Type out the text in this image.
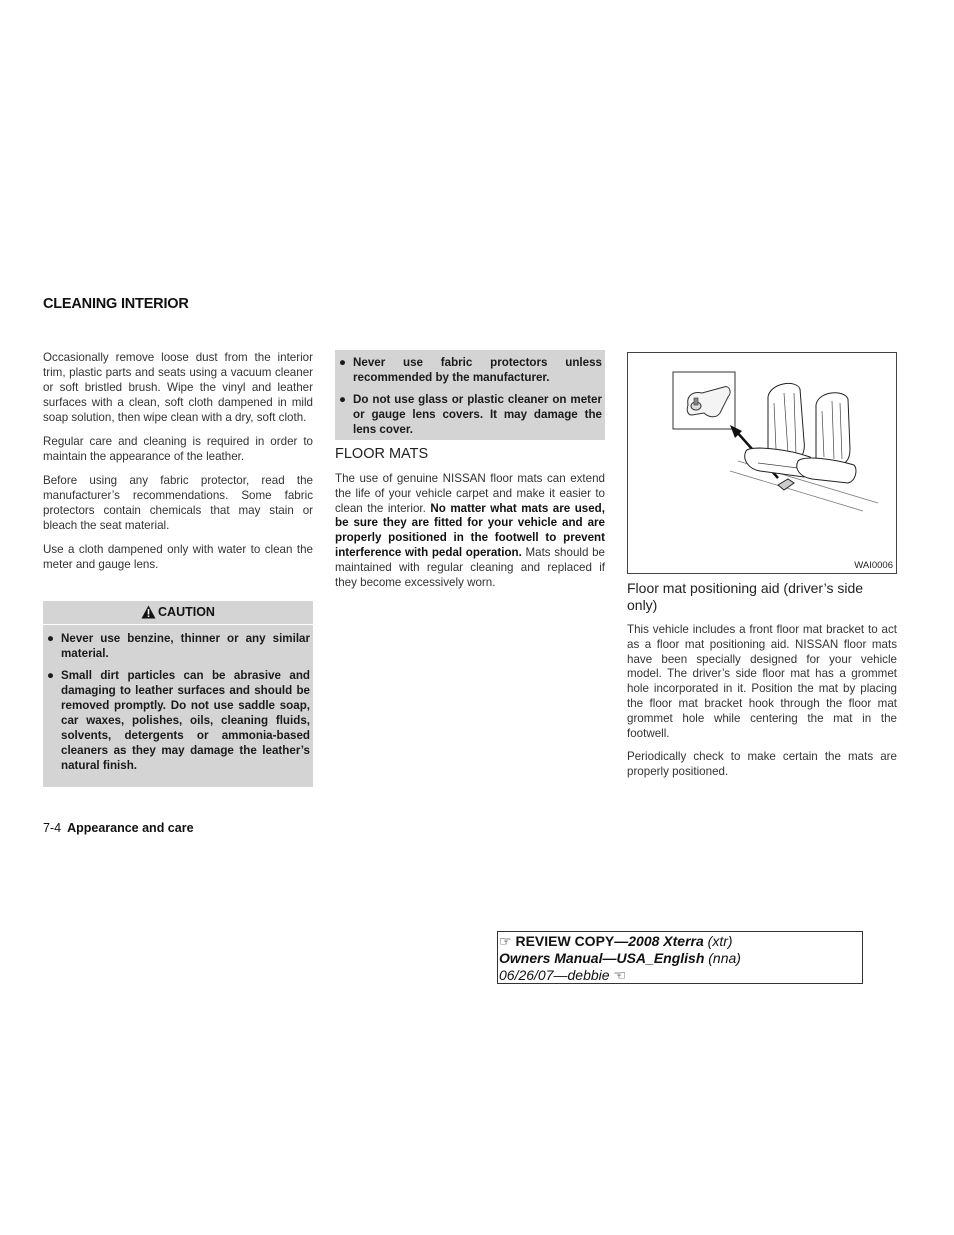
CLEANING INTERIOR

Occasionally remove loose dust from the interior trim, plastic parts and seats using a vacuum cleaner or soft bristled brush. Wipe the vinyl and leather surfaces with a clean, soft cloth dampened in mild soap solution, then wipe clean with a dry, soft cloth.

Regular care and cleaning is required in order to maintain the appearance of the leather.

Before using any fabric protector, read the manufacturer’s recommendations. Some fabric protectors contain chemicals that may stain or bleach the seat material.

Use a cloth dampened only with water to clean the meter and gauge lens.

CAUTION
● Never use benzine, thinner or any similar material.
● Small dirt particles can be abrasive and damaging to leather surfaces and should be removed promptly. Do not use saddle soap, car waxes, polishes, oils, cleaning fluids, solvents, detergents or ammonia-based cleaners as they may damage the leather’s natural finish.
● Never use fabric protectors unless recommended by the manufacturer.
● Do not use glass or plastic cleaner on meter or gauge lens covers. It may damage the lens cover.
FLOOR MATS
The use of genuine NISSAN floor mats can extend the life of your vehicle carpet and make it easier to clean the interior. No matter what mats are used, be sure they are fitted for your vehicle and are properly positioned in the footwell to prevent interference with pedal operation. Mats should be maintained with regular cleaning and replaced if they become excessively worn.
WAI0006
Floor mat positioning aid (driver’s side only)

This vehicle includes a front floor mat bracket to act as a floor mat positioning aid. NISSAN floor mats have been specially designed for your vehicle model. The driver’s side floor mat has a grommet hole incorporated in it. Position the mat by placing the floor mat bracket hook through the floor mat grommet hole while centering the mat in the footwell.

Periodically check to make certain the mats are properly positioned.

7-4 Appearance and care
☞ REVIEW COPY—2008 Xterra (xtr)
Owners Manual—USA_English (nna)
06/26/07—debbie ☜
